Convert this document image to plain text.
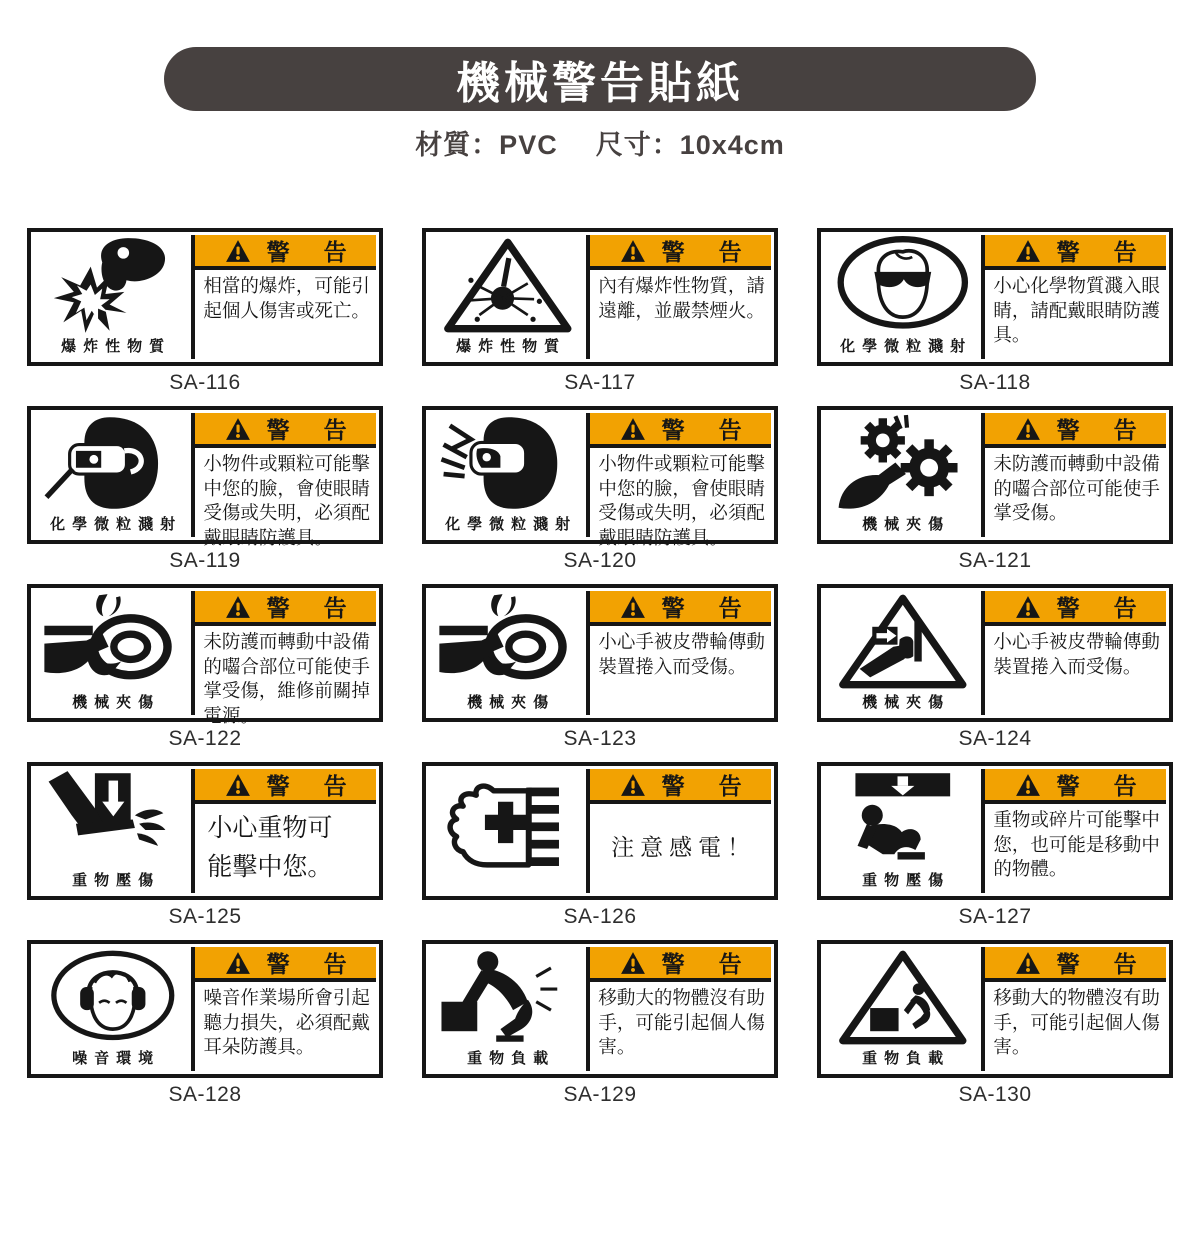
機械警告貼紙
材質：PVC 尺寸：10x4cm
爆炸性物質
警告
相當的爆炸，可能引起個人傷害或死亡。
SA-116
爆炸性物質
警告
內有爆炸性物質，請遠離，並嚴禁煙火。
SA-117
化學微粒濺射
警告
小心化學物質濺入眼睛，請配戴眼睛防護具。
SA-118
化學微粒濺射
警告
小物件或顆粒可能擊中您的臉，會使眼睛受傷或失明，必須配戴眼睛防護具。
SA-119
化學微粒濺射
警告
小物件或顆粒可能擊中您的臉，會使眼睛受傷或失明，必須配戴眼睛防護具。
SA-120
機械夾傷
警告
未防護而轉動中設備的囓合部位可能使手掌受傷。
SA-121
機械夾傷
警告
未防護而轉動中設備的囓合部位可能使手掌受傷，維修前關掉電源。
SA-122
機械夾傷
警告
小心手被皮帶輪傳動裝置捲入而受傷。
SA-123
機械夾傷
警告
小心手被皮帶輪傳動裝置捲入而受傷。
SA-124
重物壓傷
警告
小心重物可能擊中您。
SA-125
警告
注意感電！
SA-126
重物壓傷
警告
重物或碎片可能擊中您，也可能是移動中的物體。
SA-127
噪音環境
警告
噪音作業場所會引起聽力損失，必須配戴耳朵防護具。
SA-128
重物負載
警告
移動大的物體沒有助手，可能引起個人傷害。
SA-129
重物負載
警告
移動大的物體沒有助手，可能引起個人傷害。
SA-130
